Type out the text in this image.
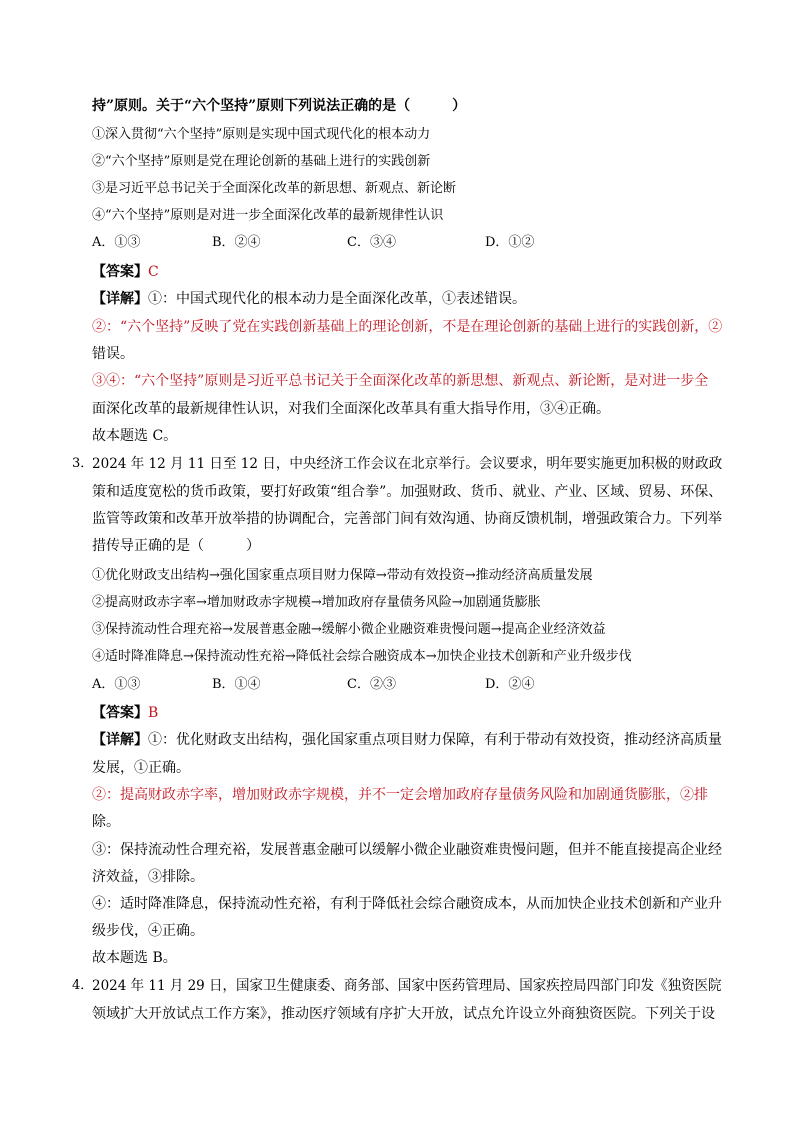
持”原则。关于“六个坚持”原则下列说法正确的是（　　　）
①深入贯彻“六个坚持”原则是实现中国式现代化的根本动力
②“六个坚持”原则是党在理论创新的基础上进行的实践创新
③是习近平总书记关于全面深化改革的新思想、新观点、新论断
④“六个坚持”原则是对进一步全面深化改革的最新规律性认识
A．①③	B．②④	C．③④	D．①②
【答案】C
【详解】①：中国式现代化的根本动力是全面深化改革，①表述错误。
②：“六个坚持”反映了党在实践创新基础上的理论创新，不是在理论创新的基础上进行的实践创新，②
错误。
③④：“六个坚持”原则是习近平总书记关于全面深化改革的新思想、新观点、新论断，是对进一步全
面深化改革的最新规律性认识，对我们全面深化改革具有重大指导作用，③④正确。
故本题选 C。
3．
2024 年 12 月 11 日至 12 日，中央经济工作会议在北京举行。会议要求，明年要实施更加积极的财政政
策和适度宽松的货币政策，要打好政策“组合拳”。加强财政、货币、就业、产业、区域、贸易、环保、
监管等政策和改革开放举措的协调配合，完善部门间有效沟通、协商反馈机制，增强政策合力。下列举
措传导正确的是（　　　）
①优化财政支出结构→强化国家重点项目财力保障→带动有效投资→推动经济高质量发展
②提高财政赤字率→增加财政赤字规模→增加政府存量债务风险→加剧通货膨胀
③保持流动性合理充裕→发展普惠金融→缓解小微企业融资难贵慢问题→提高企业经济效益
④适时降准降息→保持流动性充裕→降低社会综合融资成本→加快企业技术创新和产业升级步伐
A．①③	B．①④	C．②③	D．②④
【答案】B
【详解】①：优化财政支出结构，强化国家重点项目财力保障，有利于带动有效投资，推动经济高质量
发展，①正确。
②：提高财政赤字率，增加财政赤字规模，并不一定会增加政府存量债务风险和加剧通货膨胀，②排
除。
③：保持流动性合理充裕，发展普惠金融可以缓解小微企业融资难贵慢问题，但并不能直接提高企业经
济效益，③排除。
④：适时降准降息，保持流动性充裕，有利于降低社会综合融资成本，从而加快企业技术创新和产业升
级步伐，④正确。
故本题选 B。
4．
2024 年 11 月 29 日，国家卫生健康委、商务部、国家中医药管理局、国家疾控局四部门印发《独资医院
领域扩大开放试点工作方案》，推动医疗领域有序扩大开放，试点允许设立外商独资医院。下列关于设
